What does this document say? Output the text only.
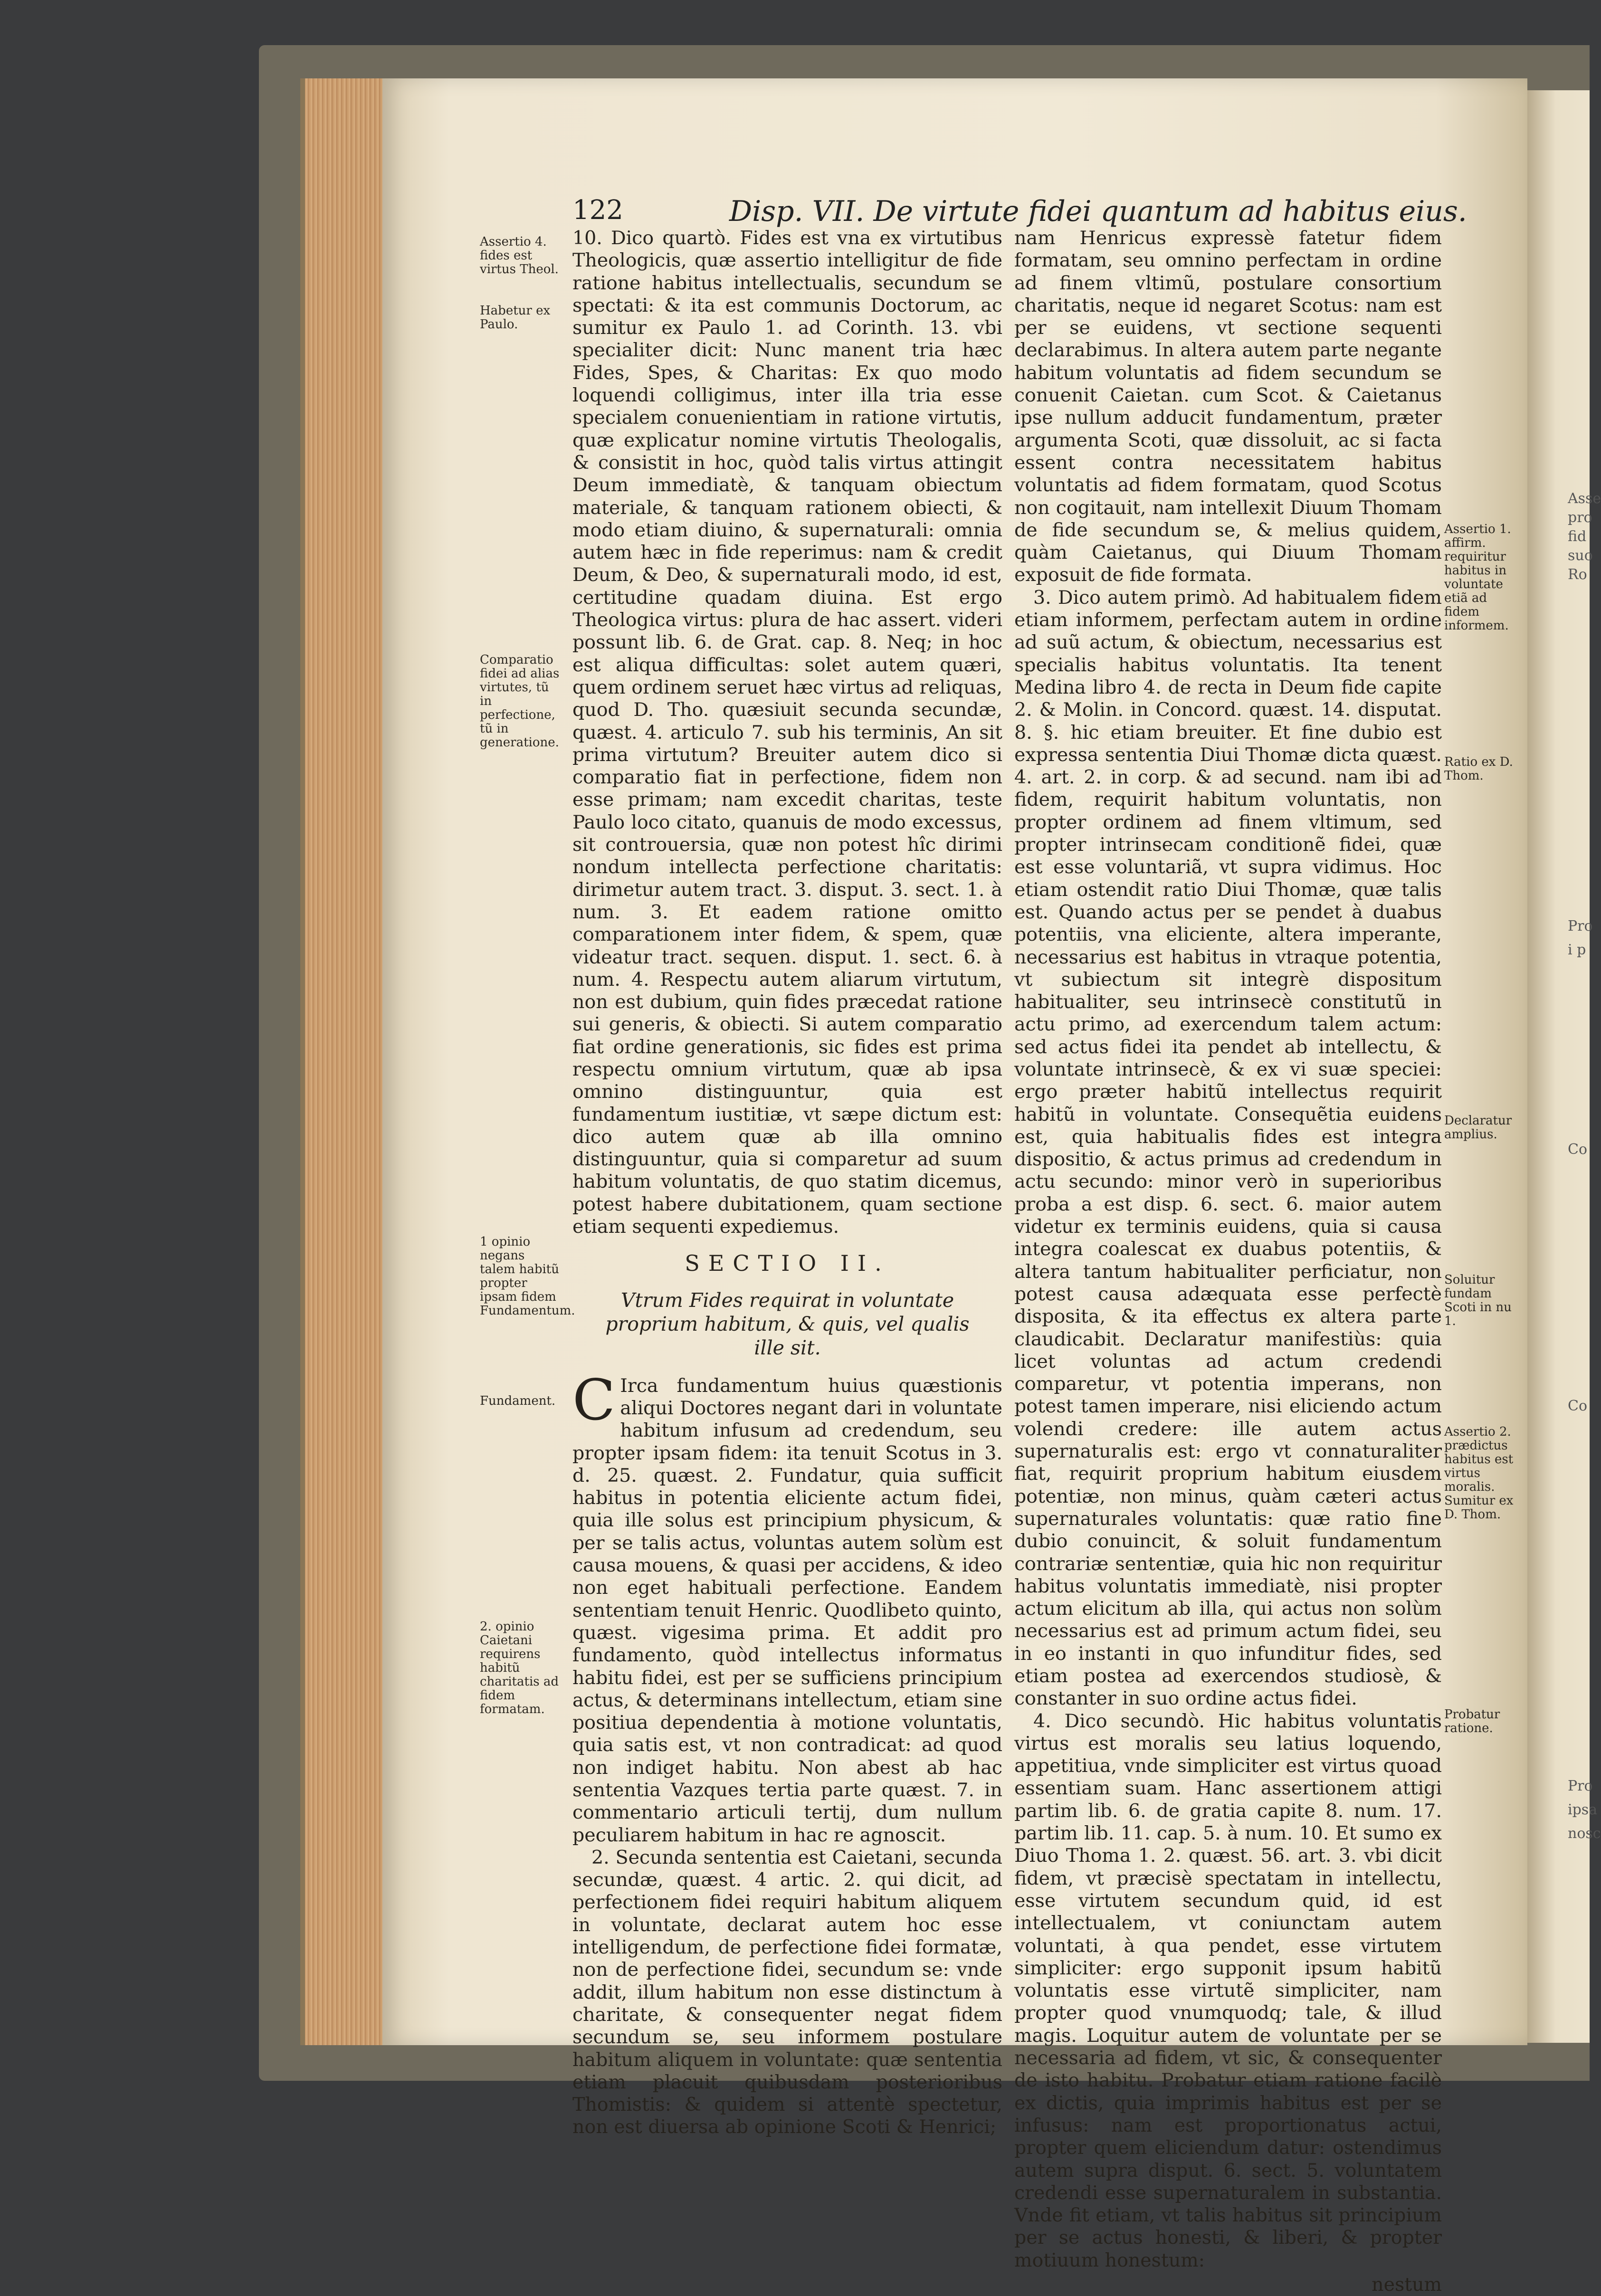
Asse
pro
fid
suo
Ro
Pro
i p
Co
Co
Pro
ipsa
nosc
122	Disp. VII. De virtute fidei quantum ad habitus eius.
Assertio 4. fides est virtus Theol.
Habetur ex Paulo.
Comparatio fidei ad alias virtutes, tũ in perfectione, tũ in generatione.
1 opinio negans talem habitũ propter ipsam fidem Fundamentum.
Fundament.
2. opinio Caietani requirens habitũ charitatis ad fidem formatam.
Assertio 1. affirm. requiritur habitus in voluntate etiã ad fidem informem.
Ratio ex D. Thom.
Declaratur amplius.
Soluitur fundam Scoti in nu 1.
Assertio 2. prædictus habitus est virtus moralis. Sumitur ex D. Thom.
Probatur ratione.

10. Dico quartò. Fides est vna ex virtutibus Theologicis, quæ assertio intelligitur de fide ratione habitus intellectualis, secundum se spectati: & ita est communis Doctorum, ac sumitur ex Paulo 1. ad Corinth. 13. vbi specialiter dicit: Nunc manent tria hæc Fides, Spes, & Charitas: Ex quo modo loquendi colligimus, inter illa tria esse specialem conuenientiam in ratione virtutis, quæ explicatur nomine virtutis Theologalis, & consistit in hoc, quòd talis virtus attingit Deum immediatè, & tanquam obiectum materiale, & tanquam rationem obiecti, & modo etiam diuino, & supernaturali: omnia autem hæc in fide reperimus: nam & credit Deum, & Deo, & supernaturali modo, id est, certitudine quadam diuina. Est ergo Theologica virtus: plura de hac assert. videri possunt lib. 6. de Grat. cap. 8. Neq; in hoc est aliqua difficultas: solet autem quæri, quem ordinem seruet hæc virtus ad reliquas, quod D. Tho. quæsiuit secunda secundæ, quæst. 4. articulo 7. sub his terminis, An sit prima virtutum? Breuiter autem dico si comparatio fiat in perfectione, fidem non esse primam; nam excedit charitas, teste Paulo loco citato, quanuis de modo excessus, sit controuersia, quæ non potest hîc dirimi nondum intellecta perfectione charitatis: dirimetur autem tract. 3. disput. 3. sect. 1. à num. 3. Et eadem ratione omitto comparationem inter fidem, & spem, quæ videatur tract. sequen. disput. 1. sect. 6. à num. 4. Respectu autem aliarum virtutum, non est dubium, quin fides præcedat ratione sui generis, & obiecti. Si autem comparatio fiat ordine generationis, sic fides est prima respectu omnium virtutum, quæ ab ipsa omnino distinguuntur, quia est fundamentum iustitiæ, vt sæpe dictum est: dico autem quæ ab illa omnino distinguuntur, quia si comparetur ad suum habitum voluntatis, de quo statim dicemus, potest habere dubitationem, quam sectione etiam sequenti expediemus.

SECTIO II.
Vtrum Fides requirat in voluntate proprium habitum, & quis, vel qualis ille sit.

C Irca fundamentum huius quæstionis aliqui Doctores negant dari in voluntate habitum infusum ad credendum, seu propter ipsam fidem: ita tenuit Scotus in 3. d. 25. quæst. 2. Fundatur, quia sufficit habitus in potentia eliciente actum fidei, quia ille solus est principium physicum, & per se talis actus, voluntas autem solùm est causa mouens, & quasi per accidens, & ideo non eget habituali perfectione. Eandem sententiam tenuit Henric. Quodlibeto quinto, quæst. vigesima prima. Et addit pro fundamento, quòd intellectus informatus habitu fidei, est per se sufficiens principium actus, & determinans intellectum, etiam sine positiua dependentia à motione voluntatis, quia satis est, vt non contradicat: ad quod non indiget habitu. Non abest ab hac sententia Vazques tertia parte quæst. 7. in commentario articuli tertij, dum nullum peculiarem habitum in hac re agnoscit.

2. Secunda sententia est Caietani, secunda secundæ, quæst. 4 artic. 2. qui dicit, ad perfectionem fidei requiri habitum aliquem in voluntate, declarat autem hoc esse intelligendum, de perfectione fidei formatæ, non de perfectione fidei, secundum se: vnde addit, illum habitum non esse distinctum à charitate, & consequenter negat fidem secundum se, seu informem postulare habitum aliquem in voluntate: quæ sententia etiam placuit quibusdam posterioribus Thomistis: & quidem si attentè spectetur, non est diuersa ab opinione Scoti & Henrici;

nam Henricus expressè fatetur fidem formatam, seu omnino perfectam in ordine ad finem vltimũ, postulare consortium charitatis, neque id negaret Scotus: nam est per se euidens, vt sectione sequenti declarabimus. In altera autem parte negante habitum voluntatis ad fidem secundum se conuenit Caietan. cum Scot. & Caietanus ipse nullum adducit fundamentum, præter argumenta Scoti, quæ dissoluit, ac si facta essent contra necessitatem habitus voluntatis ad fidem formatam, quod Scotus non cogitauit, nam intellexit Diuum Thomam de fide secundum se, & melius quidem, quàm Caietanus, qui Diuum Thomam exposuit de fide formata.

3. Dico autem primò. Ad habitualem fidem etiam informem, perfectam autem in ordine ad suũ actum, & obiectum, necessarius est specialis habitus voluntatis. Ita tenent Medina libro 4. de recta in Deum fide capite 2. & Molin. in Concord. quæst. 14. disputat. 8. §. hic etiam breuiter. Et fine dubio est expressa sententia Diui Thomæ dicta quæst. 4. art. 2. in corp. & ad secund. nam ibi ad fidem, requirit habitum voluntatis, non propter ordinem ad finem vltimum, sed propter intrinsecam conditionẽ fidei, quæ est esse voluntariã, vt supra vidimus. Hoc etiam ostendit ratio Diui Thomæ, quæ talis est. Quando actus per se pendet à duabus potentiis, vna eliciente, altera imperante, necessarius est habitus in vtraque potentia, vt subiectum sit integrè dispositum habitualiter, seu intrinsecè constitutũ in actu primo, ad exercendum talem actum: sed actus fidei ita pendet ab intellectu, & voluntate intrinsecè, & ex vi suæ speciei: ergo præter habitũ intellectus requirit habitũ in voluntate. Consequẽtia euidens est, quia habitualis fides est integra dispositio, & actus primus ad credendum in actu secundo: minor verò in superioribus proba a est disp. 6. sect. 6. maior autem videtur ex terminis euidens, quia si causa integra coalescat ex duabus potentiis, & altera tantum habitualiter perficiatur, non potest causa adæquata esse perfectè disposita, & ita effectus ex altera parte claudicabit. Declaratur manifestiùs: quia licet voluntas ad actum credendi comparetur, vt potentia imperans, non potest tamen imperare, nisi eliciendo actum volendi credere: ille autem actus supernaturalis est: ergo vt connaturaliter fiat, requirit proprium habitum eiusdem potentiæ, non minus, quàm cæteri actus supernaturales voluntatis: quæ ratio fine dubio conuincit, & soluit fundamentum contrariæ sententiæ, quia hic non requiritur habitus voluntatis immediatè, nisi propter actum elicitum ab illa, qui actus non solùm necessarius est ad primum actum fidei, seu in eo instanti in quo infunditur fides, sed etiam postea ad exercendos studiosè, & constanter in suo ordine actus fidei.

4. Dico secundò. Hic habitus voluntatis virtus est moralis seu latius loquendo, appetitiua, vnde simpliciter est virtus quoad essentiam suam. Hanc assertionem attigi partim lib. 6. de gratia capite 8. num. 17. partim lib. 11. cap. 5. à num. 10. Et sumo ex Diuo Thoma 1. 2. quæst. 56. art. 3. vbi dicit fidem, vt præcisè spectatam in intellectu, esse virtutem secundum quid, id est intellectualem, vt coniunctam autem voluntati, à qua pendet, esse virtutem simpliciter: ergo supponit ipsum habitũ voluntatis esse virtutẽ simpliciter, nam propter quod vnumquodq; tale, & illud magis. Loquitur autem de voluntate per se necessaria ad fidem, vt sic, & consequenter de isto habitu. Probatur etiam ratione facilè ex dictis, quia imprimis habitus est per se infusus: nam est proportionatus actui, propter quem eliciendum datur: ostendimus autem supra disput. 6. sect. 5. voluntatem credendi esse supernaturalem in substantia. Vnde fit etiam, vt talis habitus sit principium per se actus honesti, & liberi, & propter motiuum honestum:

nestum
